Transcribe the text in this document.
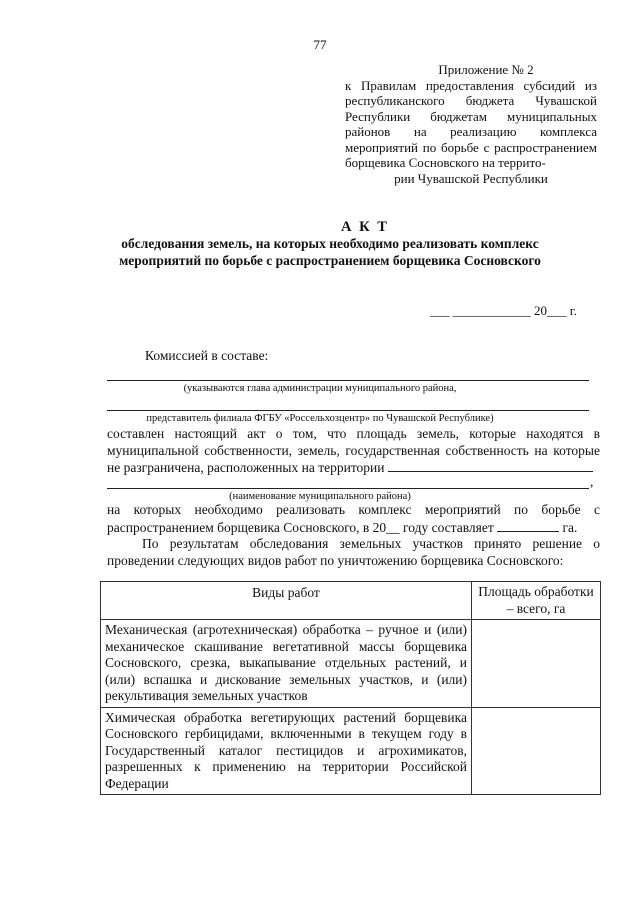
77
Приложение № 2
к Правилам предоставления субсидий из республиканского бюджета Чувашской Республики бюджетам муниципальных районов на реализацию комплекса мероприятий по борьбе с распространением борщевика Сосновского на террито-
рии Чувашской Республики
А К Т
обследования земель, на которых необходимо реализовать комплекс мероприятий по борьбе с распространением борщевика Сосновского
___ ____________ 20___ г.
Комиссией в составе:
(указываются глава администрации муниципального района,
представитель филиала ФГБУ «Россельхозцентр» по Чувашской Республике)
составлен настоящий акт о том, что площадь земель, которые находятся в муниципальной собственности, земель, государственная собственность на которые не разграничена, расположенных на территории
,
(наименование муниципального района)
на которых необходимо реализовать комплекс мероприятий по борьбе с распространением борщевика Сосновского, в 20__ году составляет	га.
По результатам обследования земельных участков принято решение о проведении следующих видов работ по уничтожению борщевика Сосновского:
Виды работ	Площадь обработки – всего, га
Механическая (агротехническая) обработка – ручное и (или) механическое скашивание вегетативной массы борщевика Сосновского, срезка, выкапывание отдельных растений, и (или) вспашка и дискование земельных участков, и (или) рекультивация земельных участков	
Химическая обработка вегетирующих растений борщевика Сосновского гербицидами, включенными в текущем году в Государственный каталог пестицидов и агрохимикатов, разрешенных к применению на территории Российской Федерации	
